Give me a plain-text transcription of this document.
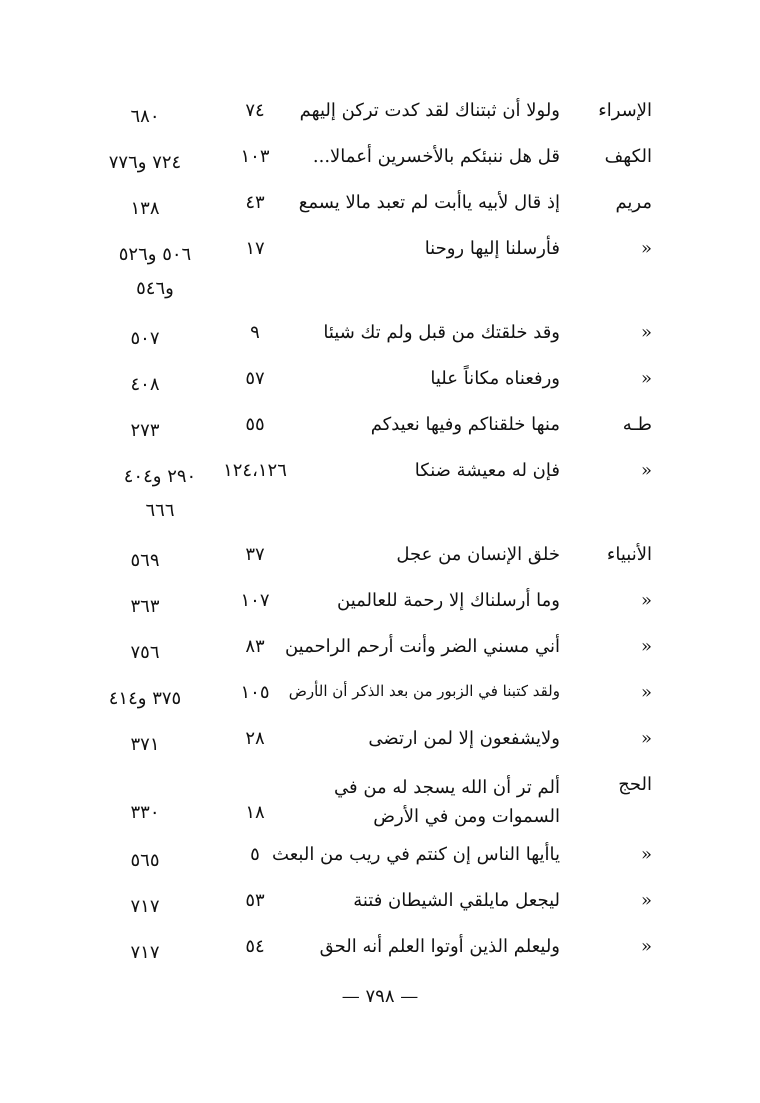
الإسراء
ولولا أن ثبتناك لقد كدت تركن إليهم
٧٤
٦٨٠
الكهف
قل هل ننبئكم بالأخسرين أعمالا...
١٠٣
٧٢٤ و٧٧٦
مريم
إذ قال لأبيه ياأبت لم تعبد مالا يسمع
٤٣
١٣٨
«
فأرسلنا إليها روحنا
١٧
٥٠٦ و٥٢٦ و٥٤٦
«
وقد خلقتك من قبل ولم تك شيئا
٩
٥٠٧
«
ورفعناه مكاناً عليا
٥٧
٤٠٨
طـه
منها خلقناكم وفيها نعيدكم
٥٥
٢٧٣
«
فإن له معيشة ضنكا
١٢٤،١٢٦
٢٩٠ و٤٠٤ ٦٦٦
الأنبياء
خلق الإنسان من عجل
٣٧
٥٦٩
«
وما أرسلناك إلا رحمة للعالمين
١٠٧
٣٦٣
«
أني مسني الضر وأنت أرحم الراحمين
٨٣
٧٥٦
«
ولقد كتبنا في الزبور من بعد الذكر أن الأرض
١٠٥
٣٧٥ و٤١٤
«
ولايشفعون إلا لمن ارتضى
٢٨
٣٧١
الحج
ألم تر أن الله يسجد له من في السموات ومن في الأرض
١٨
٣٣٠
«
ياأيها الناس إن كنتم في ريب من البعث
٥
٥٦٥
«
ليجعل مايلقي الشيطان فتنة
٥٣
٧١٧
«
وليعلم الذين أوتوا العلم أنه الحق
٥٤
٧١٧
— ٧٩٨ —
